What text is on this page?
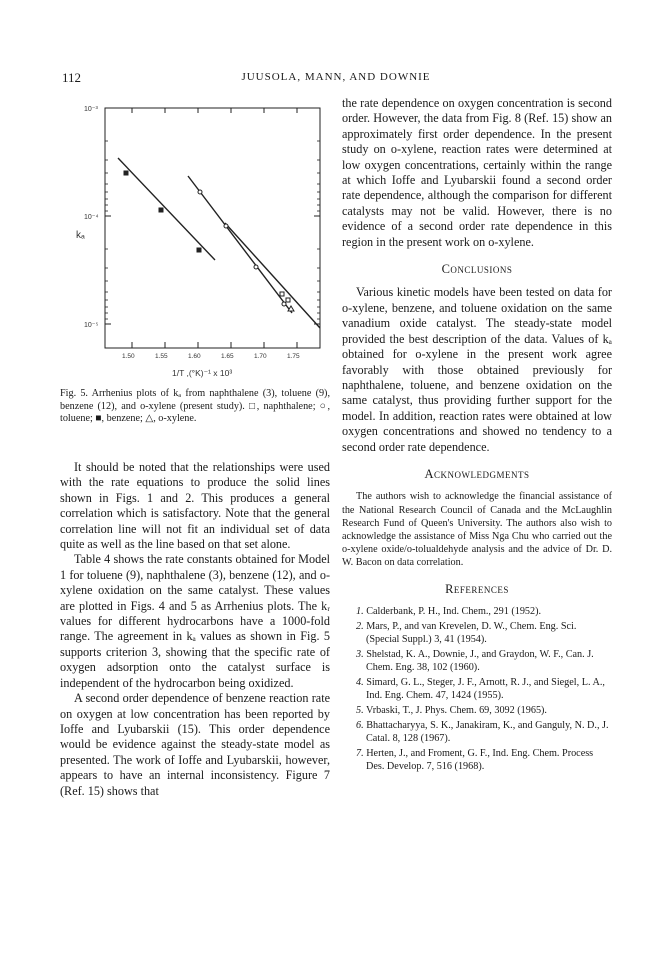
112	JUUSOLA, MANN, AND DOWNIE
10⁻³
10⁻⁴
10⁻⁵
kₐ
1.50	1.55	1.60	1.65	1.70	1.75
1/T ,(°K)⁻¹ x 10³
Fig. 5. Arrhenius plots of kₐ from naphthalene (3), toluene (9), benzene (12), and o-xylene (present study). □, naphthalene; ○, toluene; ■, benzene; △, o-xylene.

It should be noted that the relationships were used with the rate equations to produce the solid lines shown in Figs. 1 and 2. This produces a general correlation which is satisfactory. Note that the general correlation line will not fit an individual set of data quite as well as the line based on that set alone.

Table 4 shows the rate constants obtained for Model 1 for toluene (9), naphthalene (3), benzene (12), and o-xylene oxidation on the same catalyst. These values are plotted in Figs. 4 and 5 as Arrhenius plots. The kᵣ values for different hydrocarbons have a 1000-fold range. The agreement in kₐ values as shown in Fig. 5 supports criterion 3, showing that the specific rate of oxygen adsorption onto the catalyst surface is independent of the hydrocarbon being oxidized.

A second order dependence of benzene reaction rate on oxygen at low concentration has been reported by Ioffe and Lyubarskii (15). This order dependence would be evidence against the steady-state model as presented. The work of Ioffe and Lyubarskii, however, appears to have an internal inconsistency. Figure 7 (Ref. 15) shows that

the rate dependence on oxygen concentration is second order. However, the data from Fig. 8 (Ref. 15) show an approximately first order dependence. In the present study on o-xylene, reaction rates were determined at low oxygen concentrations, certainly within the range at which Ioffe and Lyubarskii found a second order rate dependence, although the comparison for different catalysts may not be valid. However, there is no evidence of a second order rate dependence in this region in the present work on o-xylene.

Conclusions

Various kinetic models have been tested on data for o-xylene, benzene, and toluene oxidation on the same vanadium oxide catalyst. The steady-state model provided the best description of the data. Values of kₐ obtained for o-xylene in the present work agree favorably with those obtained previously for naphthalene, toluene, and benzene oxidation on the same catalyst, thus providing further support for the model. In addition, reaction rates were obtained at low oxygen concentrations and showed no tendency to a second order rate dependence.

Acknowledgments

The authors wish to acknowledge the financial assistance of the National Research Council of Canada and the McLaughlin Research Fund of Queen's University. The authors also wish to acknowledge the assistance of Miss Nga Chu who carried out the o-xylene oxide/o-tolualdehyde analysis and the advice of Dr. D. W. Bacon on data correlation.

References

1. Calderbank, P. H., Ind. Chem., 291 (1952).

2. Mars, P., and van Krevelen, D. W., Chem. Eng. Sci. (Special Suppl.) 3, 41 (1954).

3. Shelstad, K. A., Downie, J., and Graydon, W. F., Can. J. Chem. Eng. 38, 102 (1960).

4. Simard, G. L., Steger, J. F., Arnott, R. J., and Siegel, L. A., Ind. Eng. Chem. 47, 1424 (1955).

5. Vrbaski, T., J. Phys. Chem. 69, 3092 (1965).

6. Bhattacharyya, S. K., Janakiram, K., and Ganguly, N. D., J. Catal. 8, 128 (1967).

7. Herten, J., and Froment, G. F., Ind. Eng. Chem. Process Des. Develop. 7, 516 (1968).
